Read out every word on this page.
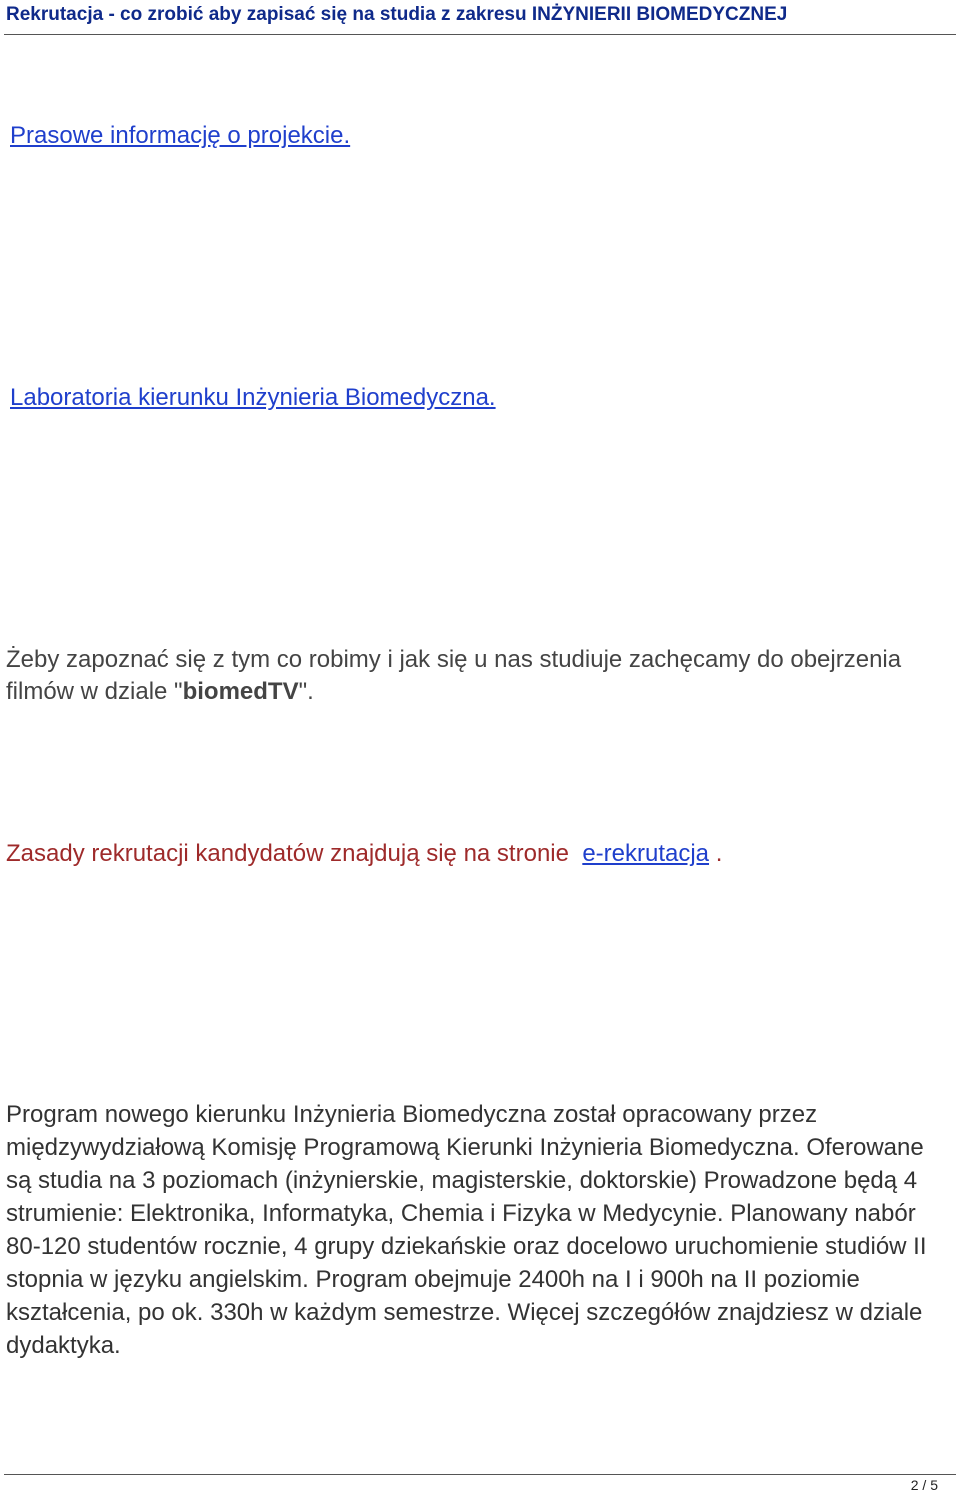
Rekrutacja - co zrobić aby zapisać się na studia z zakresu INŻYNIERII BIOMEDYCZNEJ
Prasowe informację o projekcie.
Laboratoria kierunku Inżynieria Biomedyczna.
Żeby zapoznać się z tym co robimy i jak się u nas studiuje zachęcamy do obejrzenia filmów w dziale "biomedTV".
Zasady rekrutacji kandydatów znajdują się na stronie e-rekrutacja .
Program nowego kierunku Inżynieria Biomedyczna został opracowany przez międzywydziałową Komisję Programową Kierunki Inżynieria Biomedyczna. Oferowane są studia na 3 poziomach (inżynierskie, magisterskie, doktorskie) Prowadzone będą 4 strumienie: Elektronika, Informatyka, Chemia i Fizyka w Medycynie. Planowany nabór 80-120 studentów rocznie, 4 grupy dziekańskie oraz docelowo uruchomienie studiów II stopnia w języku angielskim. Program obejmuje 2400h na I i 900h na II poziomie kształcenia, po ok. 330h w każdym semestrze. Więcej szczegółów znajdziesz w dziale dydaktyka.
2 / 5
